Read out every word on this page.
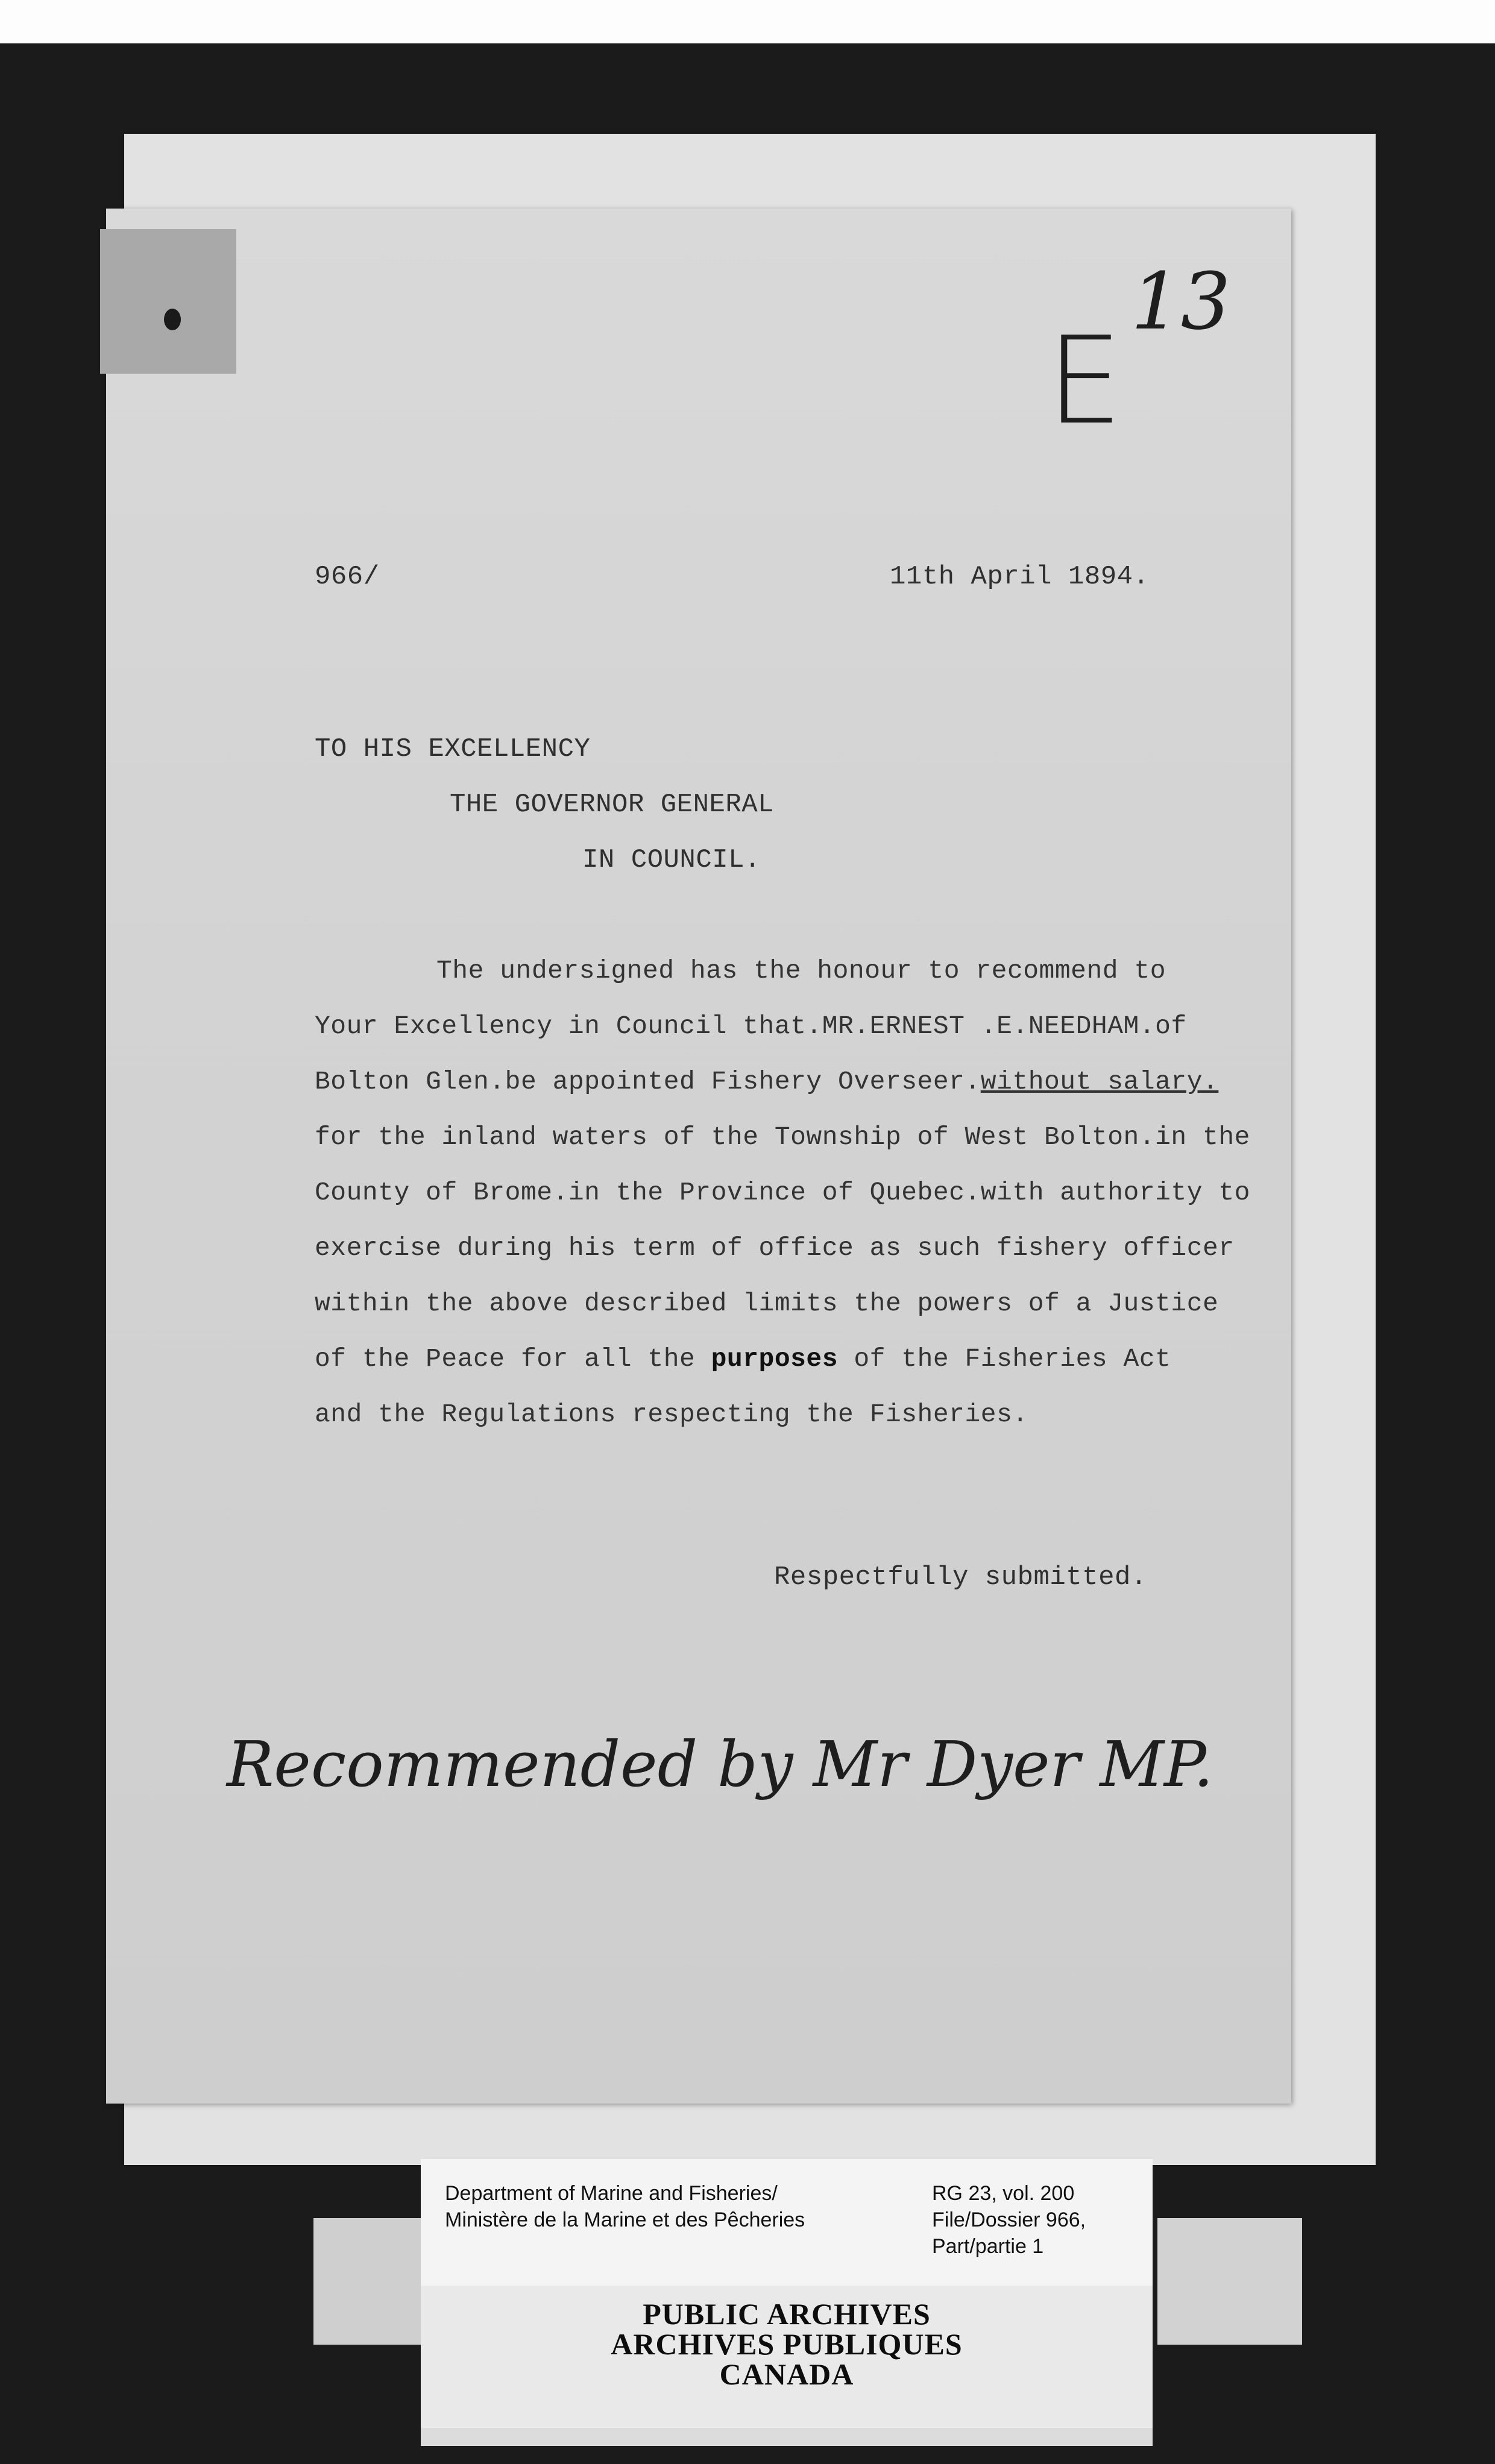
E
13
966/	11th April 1894.
TO HIS EXCELLENCY
THE GOVERNOR GENERAL
IN COUNCIL.
The undersigned has the honour to recommend to
Your Excellency in Council that.MR.ERNEST .E.NEEDHAM.of
Bolton Glen.be appointed Fishery Overseer.without salary.
for the inland waters of the Township of West Bolton.in the
County of Brome.in the Province of Quebec.with authority to
exercise during his term of office as such fishery officer
within the above described limits the powers of a Justice
of the Peace for all the purposes of the Fisheries Act
and the Regulations respecting the Fisheries.
Respectfully submitted.
Recommended by Mr Dyer MP.
Department of Marine and Fisheries/
Ministère de la Marine et des Pêcheries
RG 23, vol. 200
File/Dossier 966,
Part/partie 1
PUBLIC ARCHIVES
ARCHIVES PUBLIQUES
CANADA
